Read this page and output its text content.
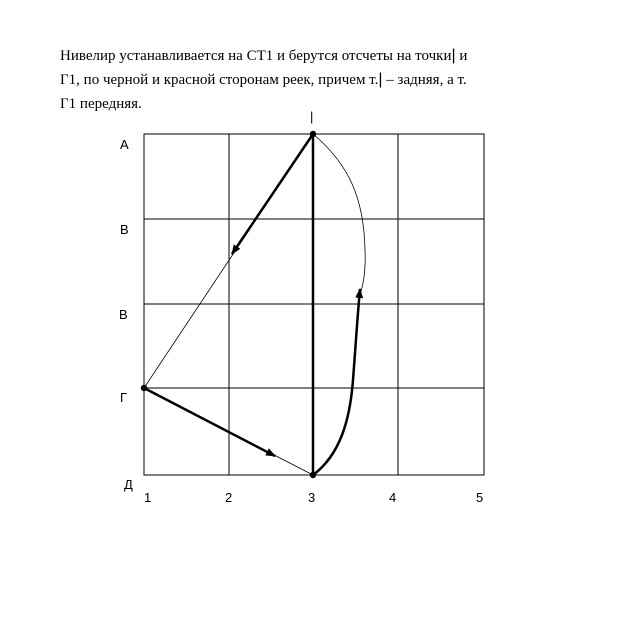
Нивелир устанавливается на СТ1 и берутся отсчеты на точки| и
Г1, по черной и красной сторонам реек, причем т.| – задняя, а т.
Г1 передняя.
|
А
В
В
Г
Д
1	2	3	4	5
